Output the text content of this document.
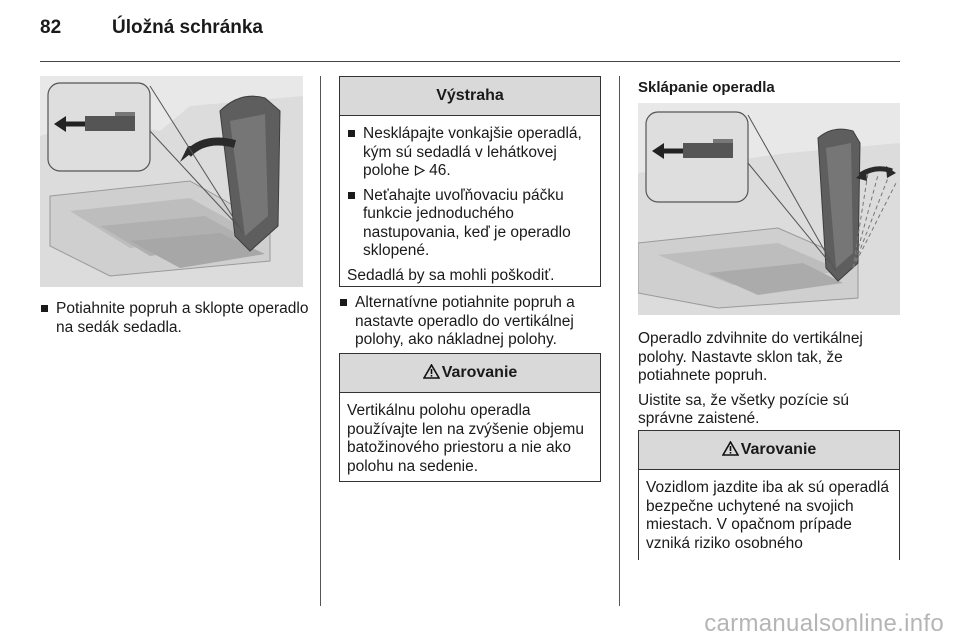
82	Úložná schránka
Potiahnite popruh a sklopte operadlo na sedák sedadla.
Výstraha
Nesklápajte vonkajšie operadlá, kým sú sedadlá v lehátkovej polohe 46.
Neťahajte uvoľňovaciu páčku funkcie jednoduchého nastupovania, keď je operadlo sklopené.
Sedadlá by sa mohli poškodiť.
Alternatívne potiahnite popruh a nastavte operadlo do vertikálnej polohy, ako nákladnej polohy.
Varovanie
Vertikálnu polohu operadla používajte len na zvýšenie objemu batožinového priestoru a nie ako polohu na sedenie.
Sklápanie operadla

Operadlo zdvihnite do vertikálnej polohy. Nastavte sklon tak, že potiahnete popruh.

Uistite sa, že všetky pozície sú správne zaistené.

Varovanie
Vozidlom jazdite iba ak sú operadlá bezpečne uchytené na svojich miestach. V opačnom prípade vzniká riziko osobného
carmanualsonline.info
